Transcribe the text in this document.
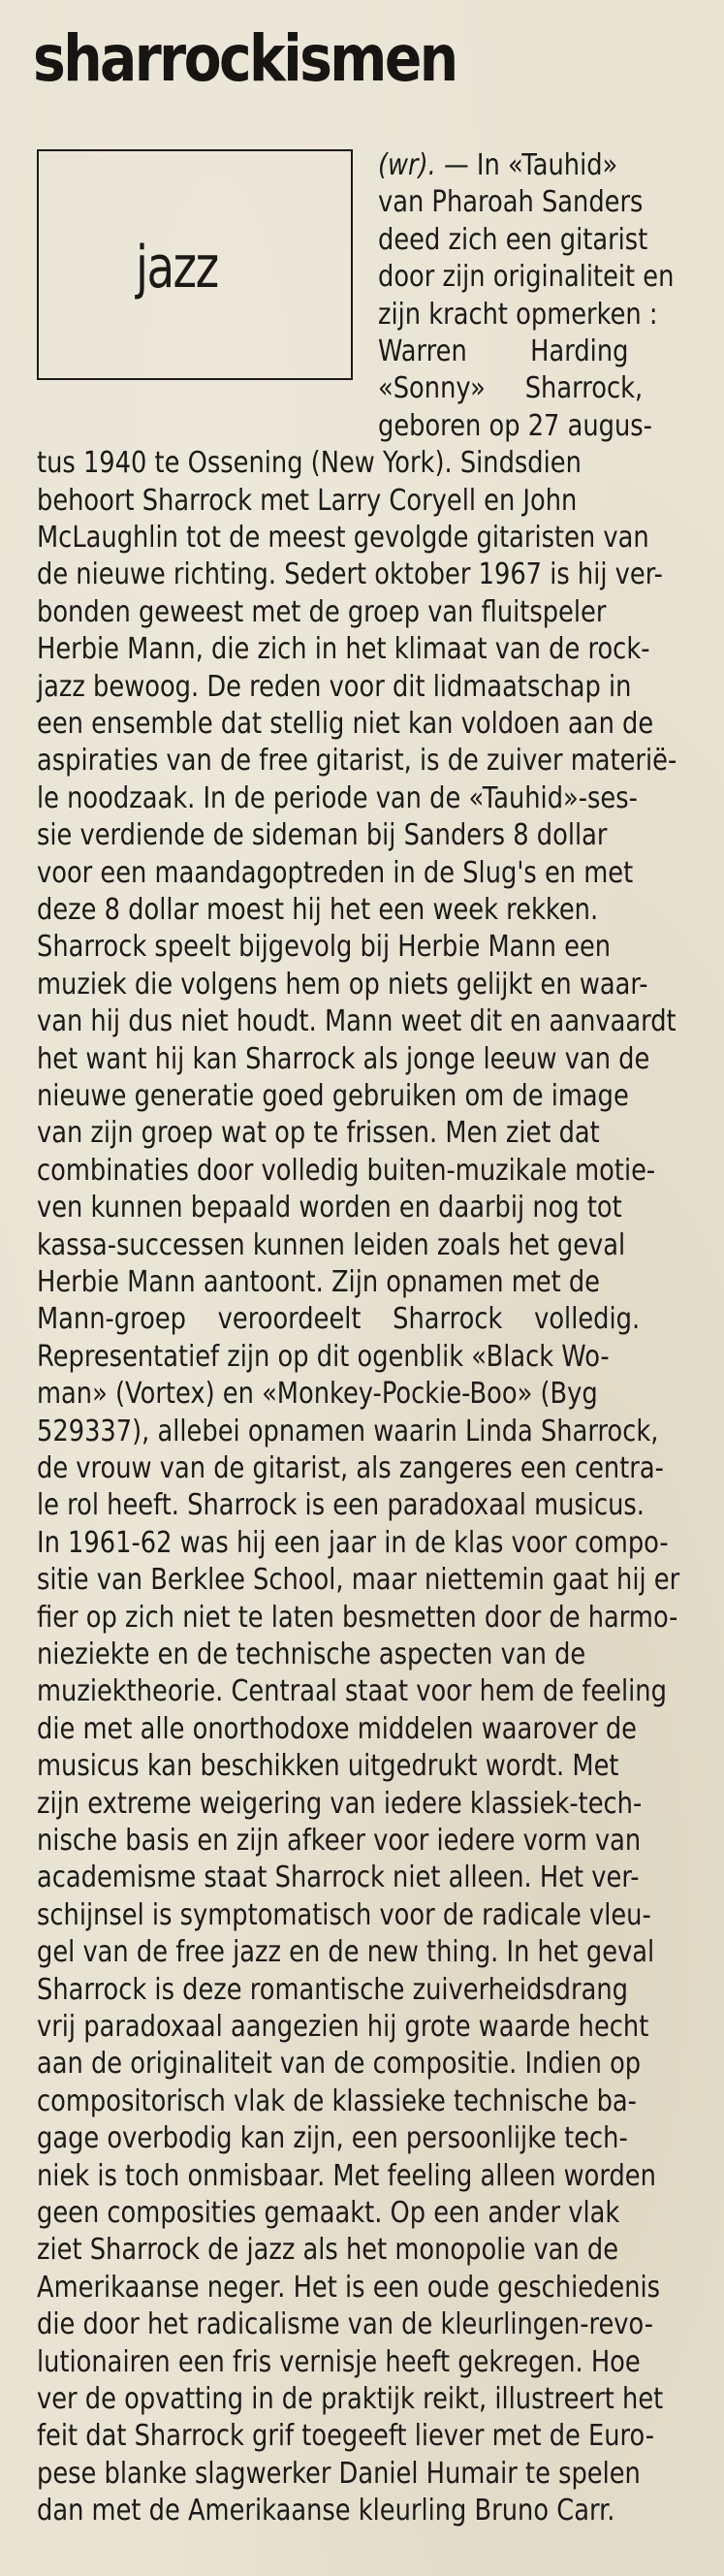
sharrockismen
jazz
(wr). — In «Tauhid»
van Pharoah Sanders
deed zich een gitarist
door zijn originaliteit en
zijn kracht opmerken :
Warren        Harding
«Sonny»     Sharrock,
geboren op 27 augus-
tus 1940 te Ossening (New York). Sindsdien
behoort Sharrock met Larry Coryell en John
McLaughlin tot de meest gevolgde gitaristen van
de nieuwe richting. Sedert oktober 1967 is hij ver-
bonden geweest met de groep van fluitspeler
Herbie Mann, die zich in het klimaat van de rock-
jazz bewoog. De reden voor dit lidmaatschap in
een ensemble dat stellig niet kan voldoen aan de
aspiraties van de free gitarist, is de zuiver materië-
le noodzaak. In de periode van de «Tauhid»-ses-
sie verdiende de sideman bij Sanders 8 dollar
voor een maandagoptreden in de Slug's en met
deze 8 dollar moest hij het een week rekken.
Sharrock speelt bijgevolg bij Herbie Mann een
muziek die volgens hem op niets gelijkt en waar-
van hij dus niet houdt. Mann weet dit en aanvaardt
het want hij kan Sharrock als jonge leeuw van de
nieuwe generatie goed gebruiken om de image
van zijn groep wat op te frissen. Men ziet dat
combinaties door volledig buiten-muzikale motie-
ven kunnen bepaald worden en daarbij nog tot
kassa-successen kunnen leiden zoals het geval
Herbie Mann aantoont. Zijn opnamen met de
Mann-groep    veroordeelt    Sharrock    volledig.
Representatief zijn op dit ogenblik «Black Wo-
man» (Vortex) en «Monkey-Pockie-Boo» (Byg
529337), allebei opnamen waarin Linda Sharrock,
de vrouw van de gitarist, als zangeres een centra-
le rol heeft. Sharrock is een paradoxaal musicus.
In 1961-62 was hij een jaar in de klas voor compo-
sitie van Berklee School, maar niettemin gaat hij er
fier op zich niet te laten besmetten door de harmo-
nieziekte en de technische aspecten van de
muziektheorie. Centraal staat voor hem de feeling
die met alle onorthodoxe middelen waarover de
musicus kan beschikken uitgedrukt wordt. Met
zijn extreme weigering van iedere klassiek-tech-
nische basis en zijn afkeer voor iedere vorm van
academisme staat Sharrock niet alleen. Het ver-
schijnsel is symptomatisch voor de radicale vleu-
gel van de free jazz en de new thing. In het geval
Sharrock is deze romantische zuiverheidsdrang
vrij paradoxaal aangezien hij grote waarde hecht
aan de originaliteit van de compositie. Indien op
compositorisch vlak de klassieke technische ba-
gage overbodig kan zijn, een persoonlijke tech-
niek is toch onmisbaar. Met feeling alleen worden
geen composities gemaakt. Op een ander vlak
ziet Sharrock de jazz als het monopolie van de
Amerikaanse neger. Het is een oude geschiedenis
die door het radicalisme van de kleurlingen-revo-
lutionairen een fris vernisje heeft gekregen. Hoe
ver de opvatting in de praktijk reikt, illustreert het
feit dat Sharrock grif toegeeft liever met de Euro-
pese blanke slagwerker Daniel Humair te spelen
dan met de Amerikaanse kleurling Bruno Carr.
